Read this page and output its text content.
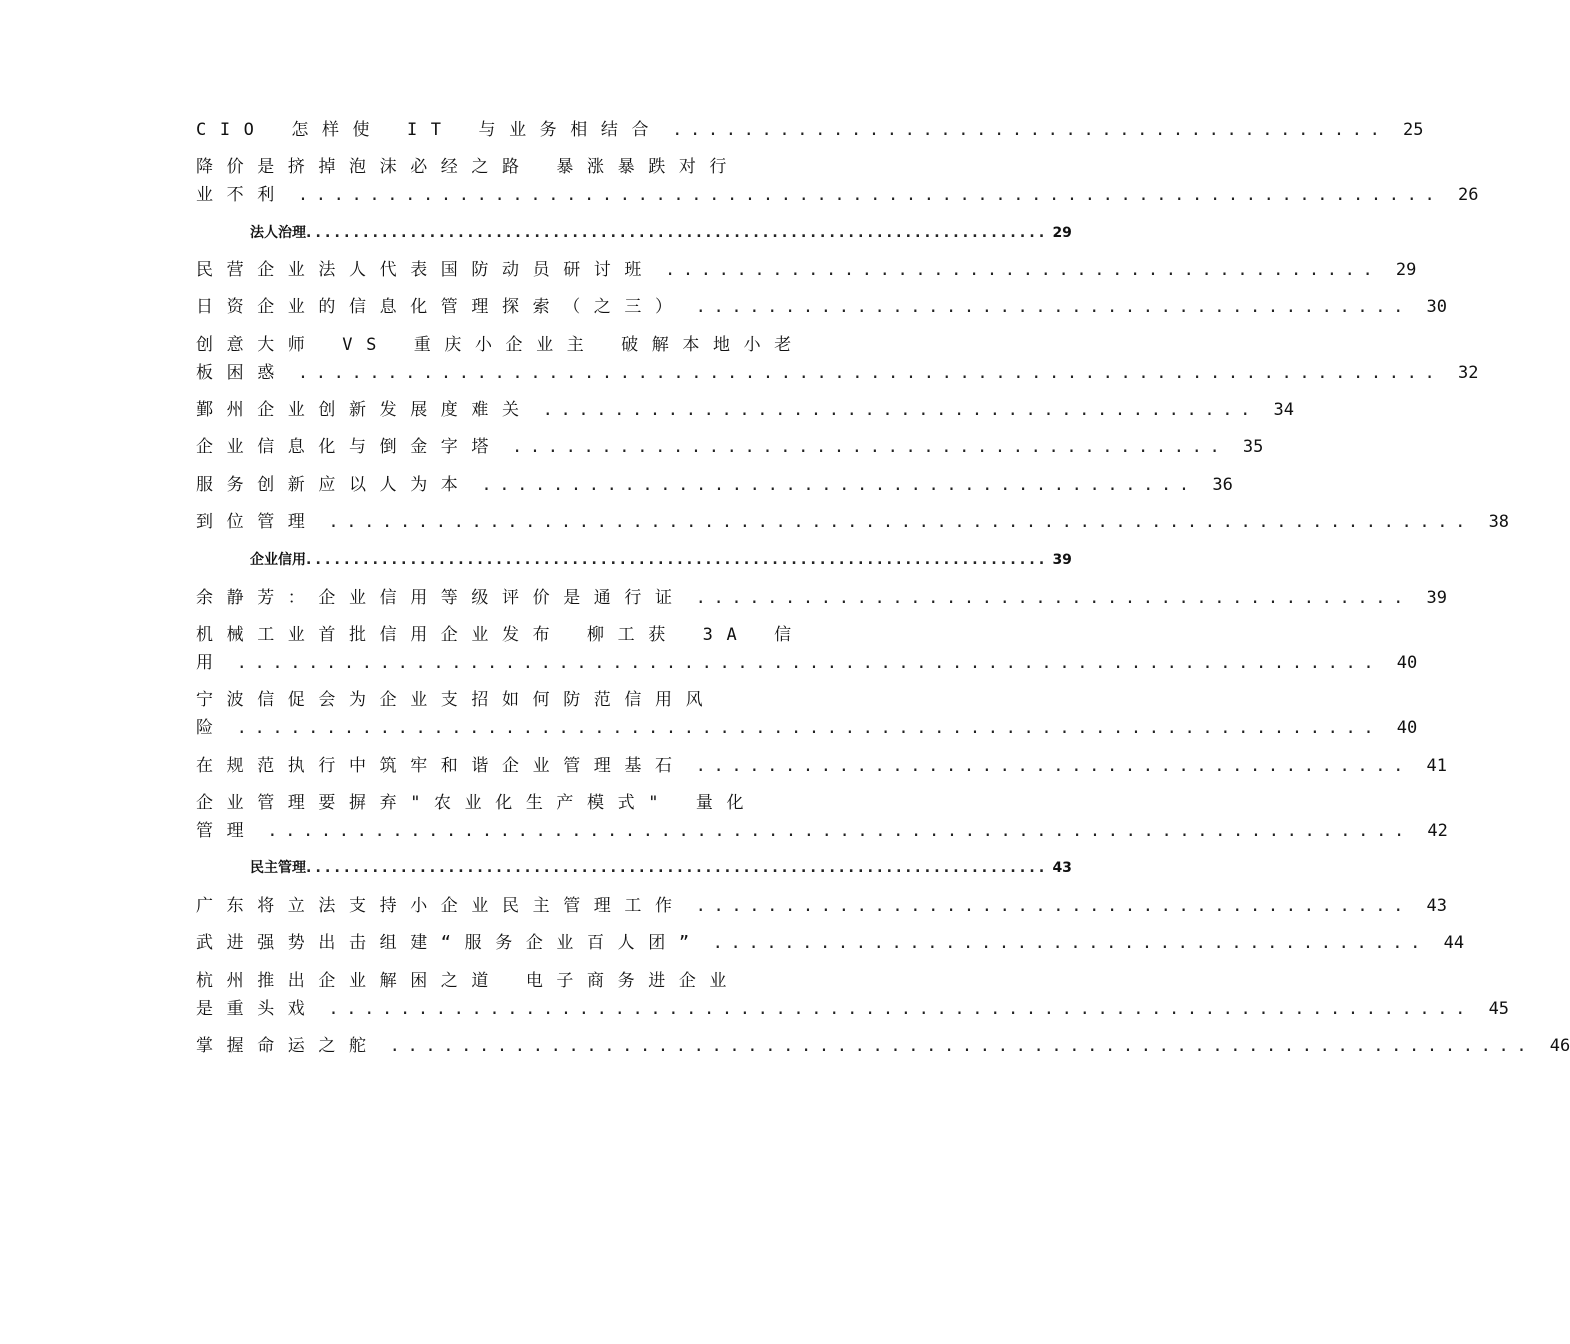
CIO 怎样使 IT 与业务相结合 ........................................ 25
降价是挤掉泡沫必经之路 暴涨暴跌对行
业不利 ................................................................ 26
法人治理 .............................................................................. 29
民营企业法人代表国防动员研讨班 ........................................ 29
日资企业的信息化管理探索（之三） ........................................ 30
创意大师 VS 重庆小企业主 破解本地小老
板困惑 ................................................................ 32
鄞州企业创新发展度难关 ........................................ 34
企业信息化与倒金字塔 ........................................ 35
服务创新应以人为本 ........................................ 36
到位管理 ................................................................ 38
企业信用 .............................................................................. 39
余静芳：企业信用等级评价是通行证 ........................................ 39
机械工业首批信用企业发布 柳工获 3A 信
用 ................................................................ 40
宁波信促会为企业支招如何防范信用风
险 ................................................................ 40
在规范执行中筑牢和谐企业管理基石 ........................................ 41
企业管理要摒弃"农业化生产模式" 量化
管理 ................................................................ 42
民主管理 .............................................................................. 43
广东将立法支持小企业民主管理工作 ........................................ 43
武进强势出击组建“服务企业百人团” ........................................ 44
杭州推出企业解困之道 电子商务进企业
是重头戏 ................................................................ 45
掌握命运之舵 ................................................................ 46
